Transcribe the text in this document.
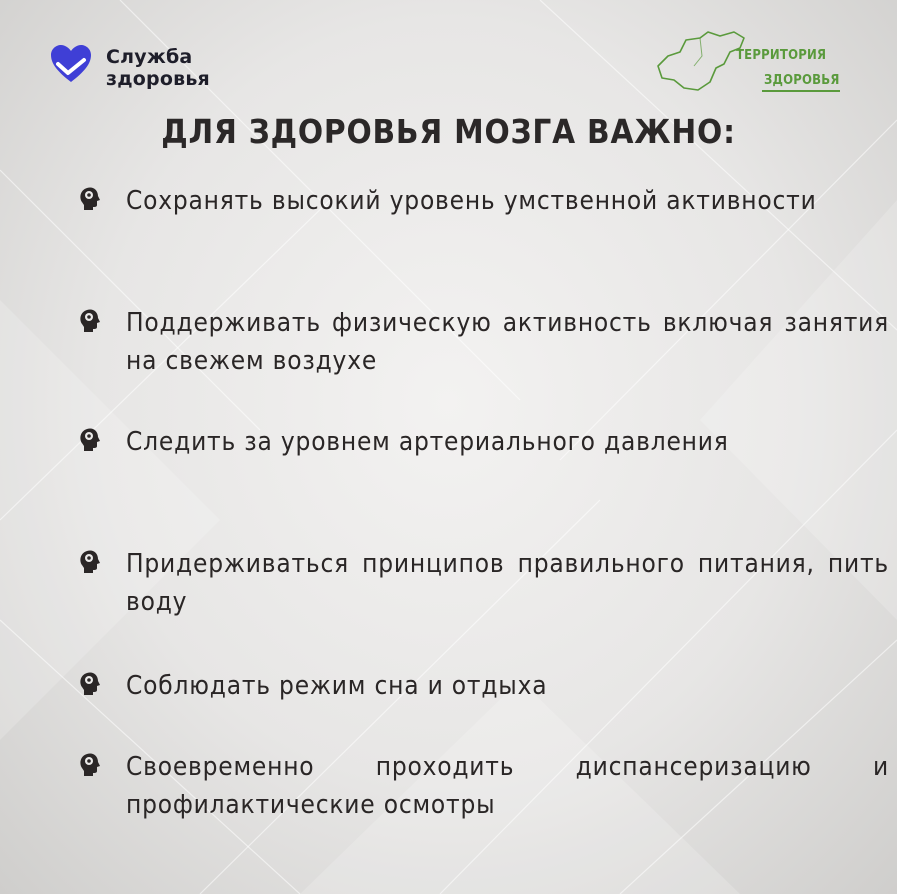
Служба
здоровья
ТЕРРИТОРИЯ
ЗДОРОВЬЯ
ДЛЯ ЗДОРОВЬЯ МОЗГА ВАЖНО:
Сохранять высокий уровень умственной активности
Поддерживать физическую активность включая занятия на свежем воздухе
Следить за уровнем артериального давления
Придерживаться принципов правильного питания, пить воду
Соблюдать режим сна и отдыха
Своевременно проходить диспансеризацию и профилактические осмотры
